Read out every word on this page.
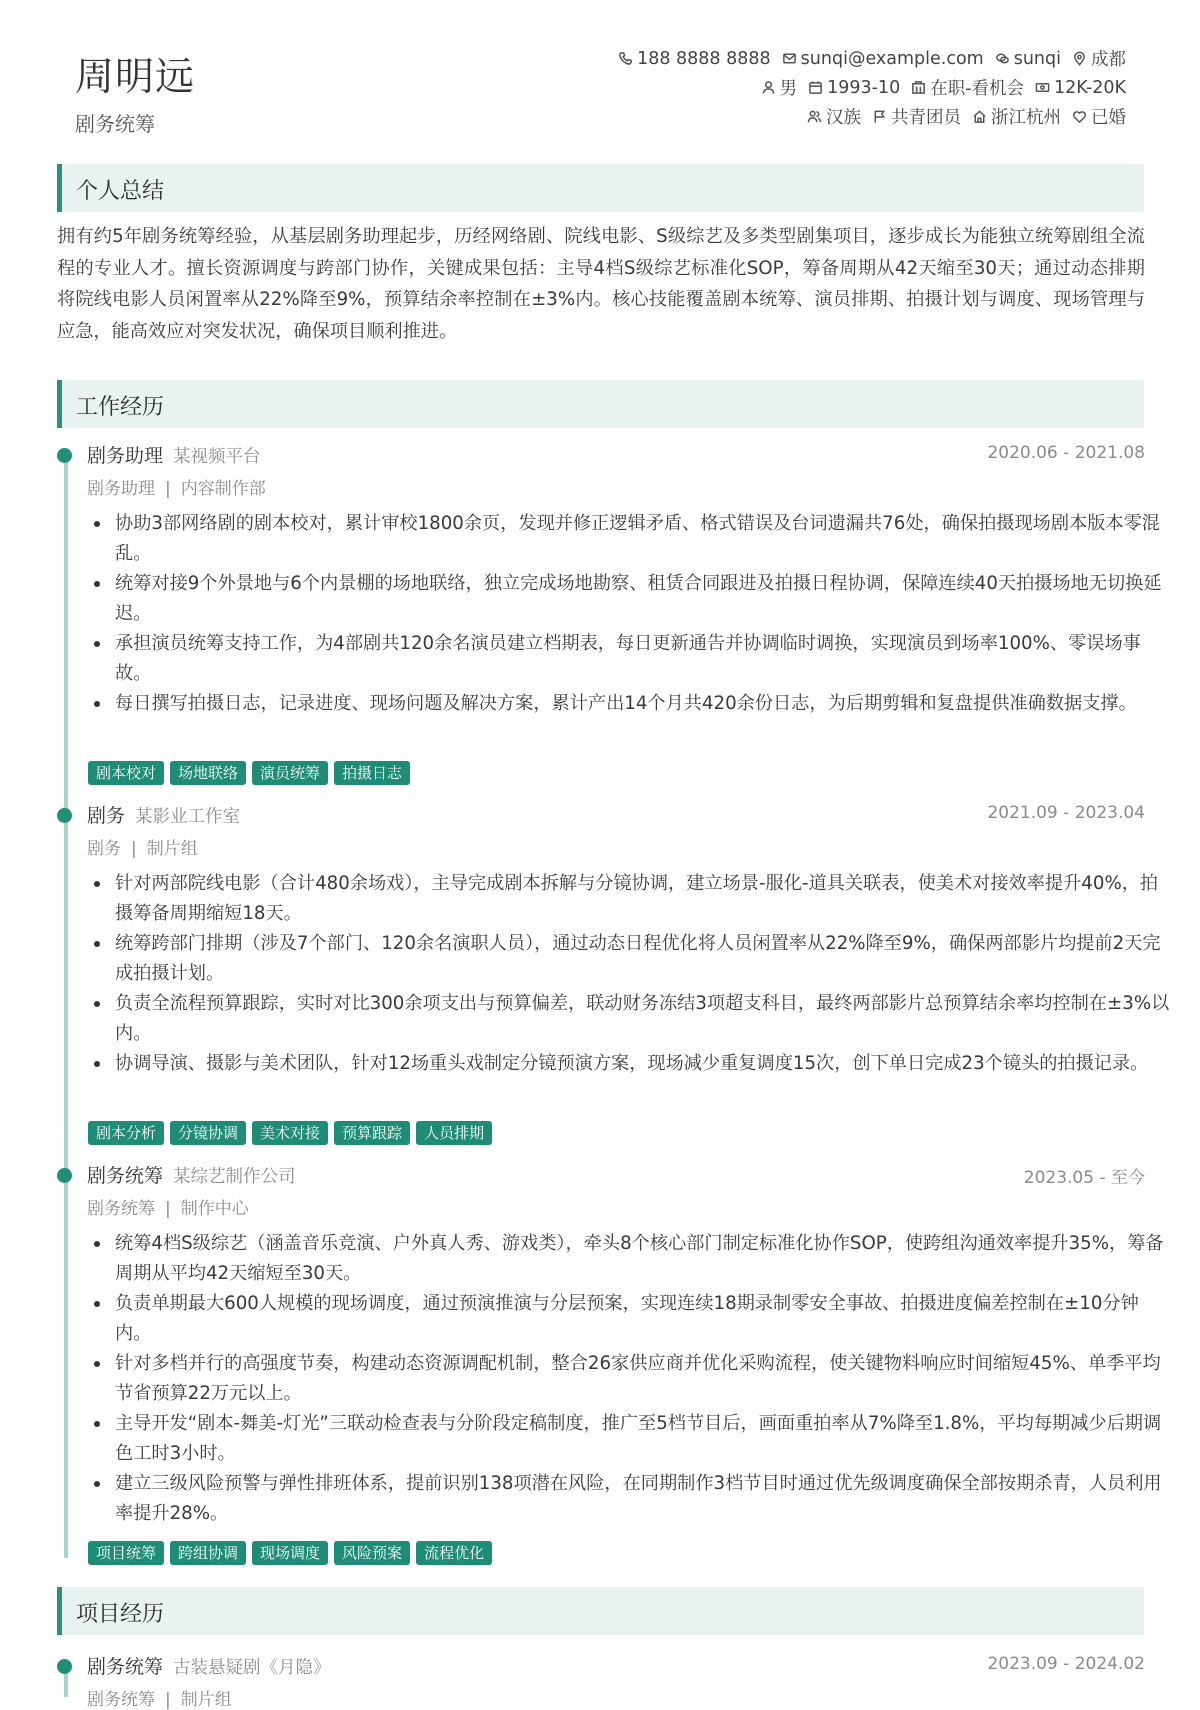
周明远
剧务统筹
188 8888 8888 sunqi@example.com sunqi 成都
男 1993-10 在职-看机会 12K-20K
汉族 共青团员 浙江杭州 已婚
个人总结
拥有约5年剧务统筹经验，从基层剧务助理起步，历经网络剧、院线电影、S级综艺及多类型剧集项目，逐步成长为能独立统筹剧组全流程的专业人才。擅长资源调度与跨部门协作，关键成果包括：主导4档S级综艺标准化SOP，筹备周期从42天缩至30天；通过动态排期将院线电影人员闲置率从22%降至9%，预算结余率控制在±3%内。核心技能覆盖剧本统筹、演员排期、拍摄计划与调度、现场管理与应急，能高效应对突发状况，确保项目顺利推进。
工作经历
剧务助理 某视频平台	2020.06 - 2021.08
剧务助理 | 内容制作部
协助3部网络剧的剧本校对，累计审校1800余页，发现并修正逻辑矛盾、格式错误及台词遗漏共76处，确保拍摄现场剧本版本零混乱。
统筹对接9个外景地与6个内景棚的场地联络，独立完成场地勘察、租赁合同跟进及拍摄日程协调，保障连续40天拍摄场地无切换延迟。
承担演员统筹支持工作，为4部剧共120余名演员建立档期表，每日更新通告并协调临时调换，实现演员到场率100%、零误场事故。
每日撰写拍摄日志，记录进度、现场问题及解决方案，累计产出14个月共420余份日志，为后期剪辑和复盘提供准确数据支撑。
剧本校对	场地联络	演员统筹	拍摄日志
剧务 某影业工作室	2021.09 - 2023.04
剧务 | 制片组
针对两部院线电影（合计480余场戏），主导完成剧本拆解与分镜协调，建立场景-服化-道具关联表，使美术对接效率提升40%，拍摄筹备周期缩短18天。
统筹跨部门排期（涉及7个部门、120余名演职人员），通过动态日程优化将人员闲置率从22%降至9%，确保两部影片均提前2天完成拍摄计划。
负责全流程预算跟踪，实时对比300余项支出与预算偏差，联动财务冻结3项超支科目，最终两部影片总预算结余率均控制在±3%以内。
协调导演、摄影与美术团队，针对12场重头戏制定分镜预演方案，现场减少重复调度15次，创下单日完成23个镜头的拍摄记录。
剧本分析	分镜协调	美术对接	预算跟踪	人员排期
剧务统筹 某综艺制作公司	2023.05 - 至今
剧务统筹 | 制作中心
统筹4档S级综艺（涵盖音乐竞演、户外真人秀、游戏类），牵头8个核心部门制定标准化协作SOP，使跨组沟通效率提升35%，筹备周期从平均42天缩短至30天。
负责单期最大600人规模的现场调度，通过预演推演与分层预案，实现连续18期录制零安全事故、拍摄进度偏差控制在±10分钟内。
针对多档并行的高强度节奏，构建动态资源调配机制，整合26家供应商并优化采购流程，使关键物料响应时间缩短45%、单季平均节省预算22万元以上。
主导开发“剧本-舞美-灯光”三联动检查表与分阶段定稿制度，推广至5档节目后，画面重拍率从7%降至1.8%，平均每期减少后期调色工时3小时。
建立三级风险预警与弹性排班体系，提前识别138项潜在风险，在同期制作3档节目时通过优先级调度确保全部按期杀青，人员利用率提升28%。
项目统筹	跨组协调	现场调度	风险预案	流程优化
项目经历
剧务统筹 古装悬疑剧《月隐》	2023.09 - 2024.02
剧务统筹 | 制片组
